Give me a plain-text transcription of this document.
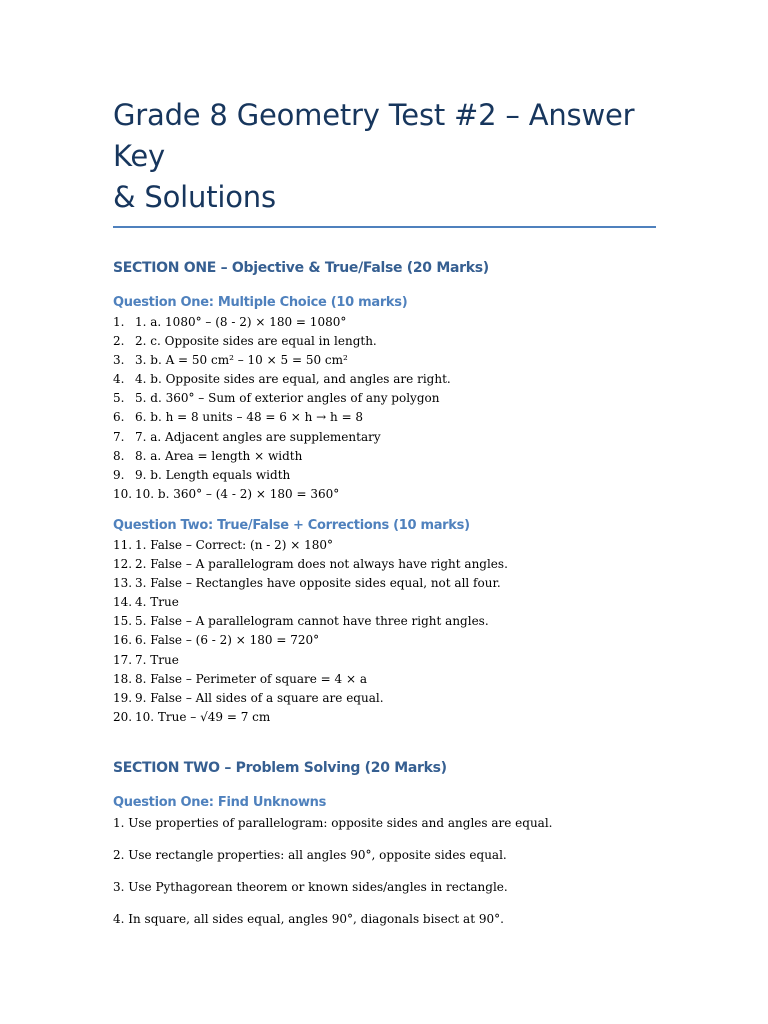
Grade 8 Geometry Test #2 – Answer Key
& Solutions
SECTION ONE – Objective & True/False (20 Marks)
Question One: Multiple Choice (10 marks)
1. 1. a. 1080° – (8 - 2) × 180 = 1080°
2. 2. c. Opposite sides are equal in length.
3. 3. b. A = 50 cm² – 10 × 5 = 50 cm²
4. 4. b. Opposite sides are equal, and angles are right.
5. 5. d. 360° – Sum of exterior angles of any polygon
6. 6. b. h = 8 units – 48 = 6 × h → h = 8
7. 7. a. Adjacent angles are supplementary
8. 8. a. Area = length × width
9. 9. b. Length equals width
10. 10. b. 360° – (4 - 2) × 180 = 360°
Question Two: True/False + Corrections (10 marks)
11. 1. False – Correct: (n - 2) × 180°
12. 2. False – A parallelogram does not always have right angles.
13. 3. False – Rectangles have opposite sides equal, not all four.
14. 4. True
15. 5. False – A parallelogram cannot have three right angles.
16. 6. False – (6 - 2) × 180 = 720°
17. 7. True
18. 8. False – Perimeter of square = 4 × a
19. 9. False – All sides of a square are equal.
20. 10. True – √49 = 7 cm
SECTION TWO – Problem Solving (20 Marks)
Question One: Find Unknowns

1. Use properties of parallelogram: opposite sides and angles are equal.

2. Use rectangle properties: all angles 90°, opposite sides equal.

3. Use Pythagorean theorem or known sides/angles in rectangle.

4. In square, all sides equal, angles 90°, diagonals bisect at 90°.
